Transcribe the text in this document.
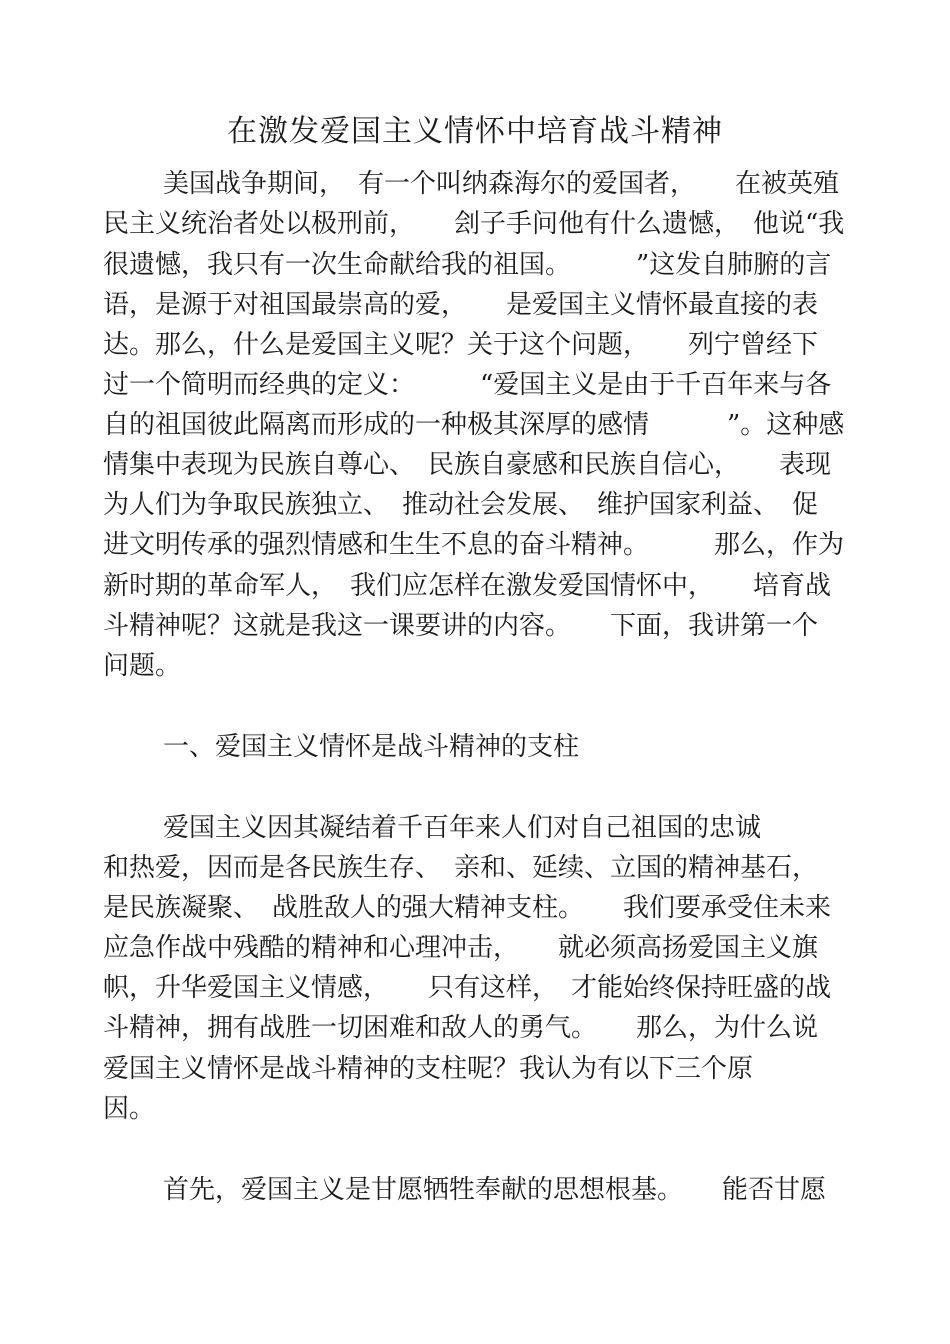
在激发爱国主义情怀中培育战斗精神
美国战争期间，　有一个叫纳森海尔的爱国者，　　在被英殖
民主义统治者处以极刑前，　　刽子手问他有什么遗憾，　他说“我
很遗憾，我只有一次生命献给我的祖国。　　　”这发自肺腑的言
语，是源于对祖国最崇高的爱，　　是爱国主义情怀最直接的表
达。那么，什么是爱国主义呢？关于这个问题，　　列宁曾经下
过一个简明而经典的定义：　　　“爱国主义是由于千百年来与各
自的祖国彼此隔离而形成的一种极其深厚的感情　　　”。这种感
情集中表现为民族自尊心、　民族自豪感和民族自信心，　　表现
为人们为争取民族独立、　推动社会发展、　维护国家利益、　促
进文明传承的强烈情感和生生不息的奋斗精神。　　　那么，作为
新时期的革命军人，　我们应怎样在激发爱国情怀中，　　培育战
斗精神呢？这就是我这一课要讲的内容。　　下面，我讲第一个
问题。
一、爱国主义情怀是战斗精神的支柱
爱国主义因其凝结着千百年来人们对自己祖国的忠诚
和热爱，因而是各民族生存、　亲和、延续、立国的精神基石，
是民族凝聚、　战胜敌人的强大精神支柱。　　我们要承受住未来
应急作战中残酷的精神和心理冲击，　　就必须高扬爱国主义旗
帜，升华爱国主义情感，　　只有这样，　才能始终保持旺盛的战
斗精神，拥有战胜一切困难和敌人的勇气。　　那么，为什么说
爱国主义情怀是战斗精神的支柱呢？我认为有以下三个原
因。
首先，爱国主义是甘愿牺牲奉献的思想根基。　　能否甘愿
